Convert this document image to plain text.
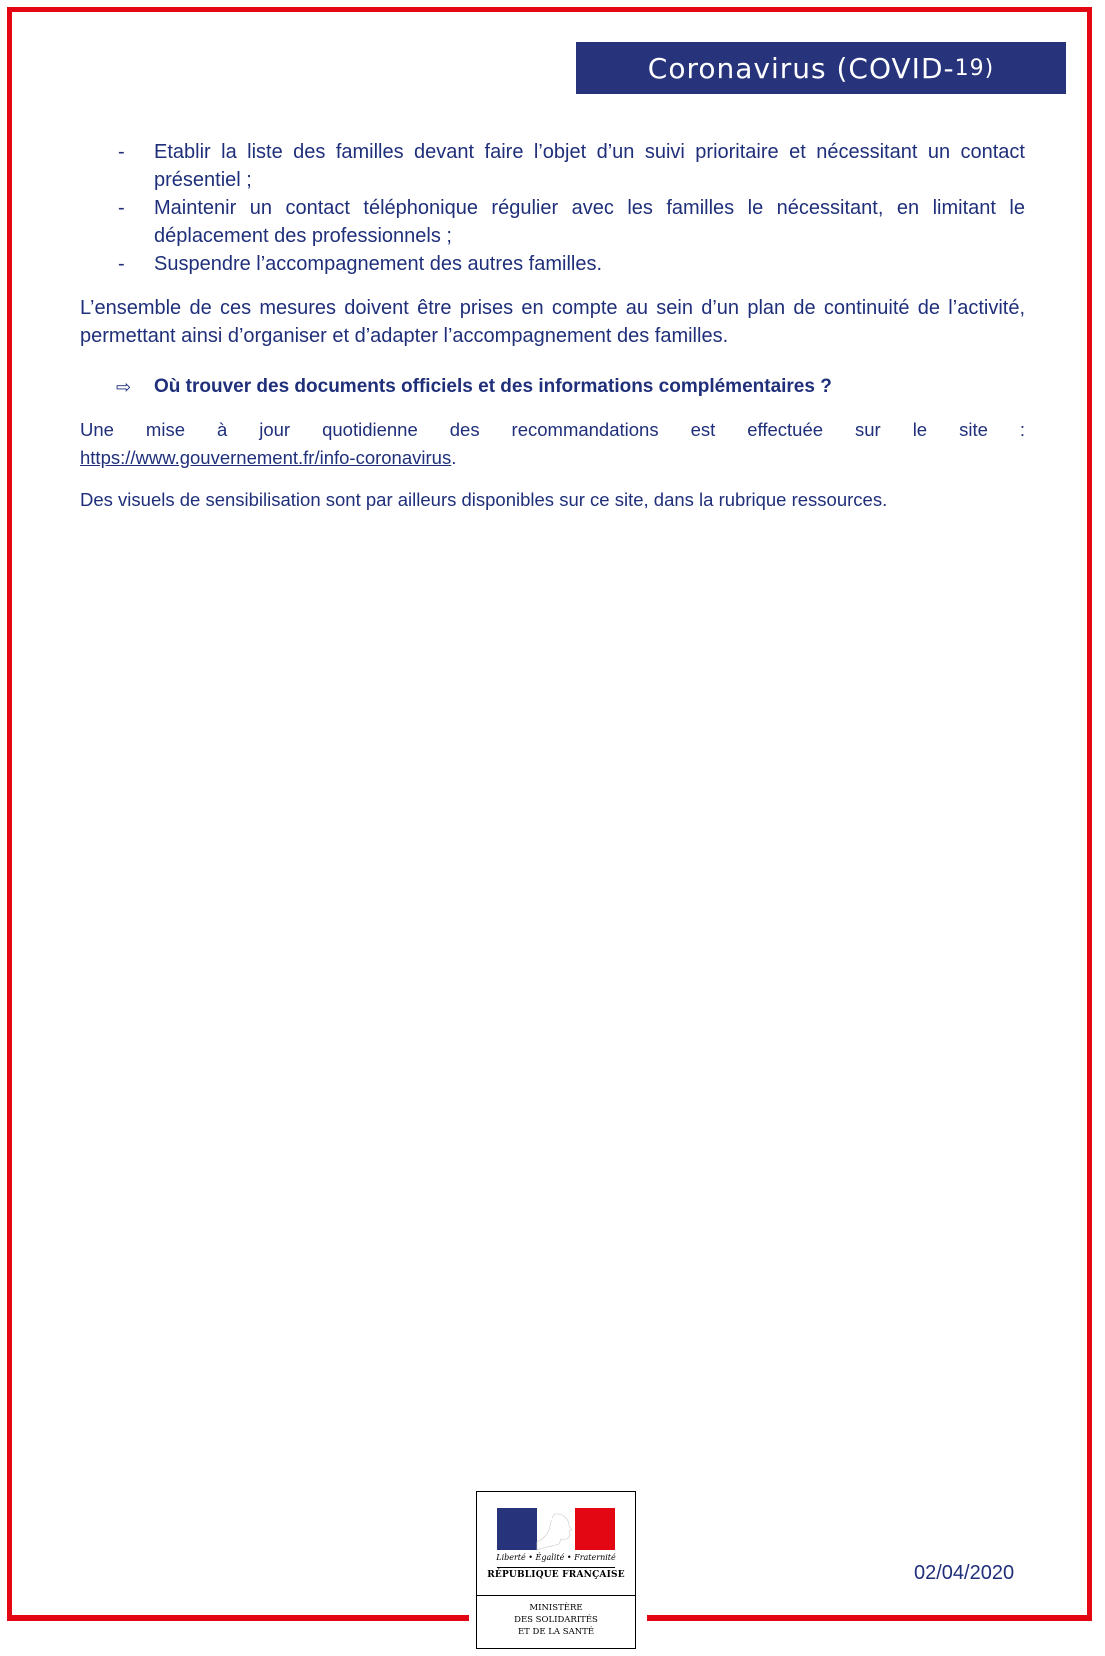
Coronavirus (COVID- 19 )
- Etablir la liste des familles devant faire l’objet d’un suivi prioritaire et nécessitant un contact présentiel ;
- Maintenir un contact téléphonique régulier avec les familles le nécessitant, en limitant le déplacement des professionnels ;
- Suspendre l’accompagnement des autres familles.

L’ensemble de ces mesures doivent être prises en compte au sein d’un plan de continuité de l’activité, permettant ainsi d’organiser et d’adapter l’accompagnement des familles.

⇨ Où trouver des documents officiels et des informations complémentaires ?

Une mise à jour quotidienne des recommandations est effectuée sur le site :

https://www.gouvernement.fr/info-coronavirus.

Des visuels de sensibilisation sont par ailleurs disponibles sur ce site, dans la rubrique ressources.

Liberté • Égalité • Fraternité
RÉPUBLIQUE FRANÇAISE
MINISTÈRE
DES SOLIDARITÉS
ET DE LA SANTÉ
02/04/2020
